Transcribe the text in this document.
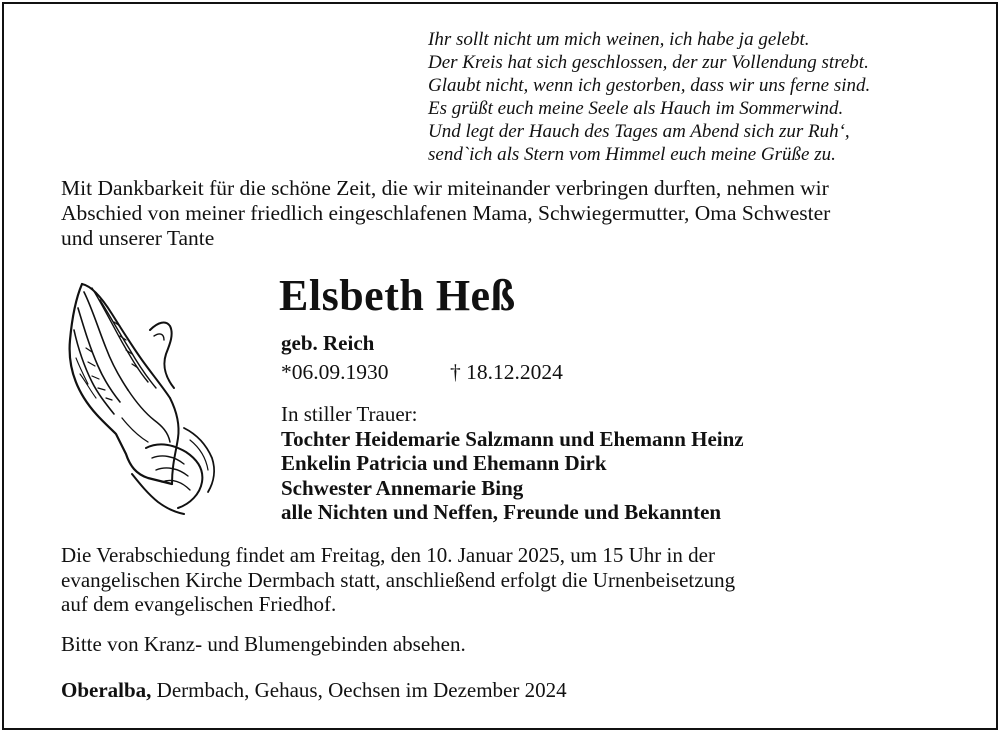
Ihr sollt nicht um mich weinen, ich habe ja gelebt.
Der Kreis hat sich geschlossen, der zur Vollendung strebt.
Glaubt nicht, wenn ich gestorben, dass wir uns ferne sind.
Es grüßt euch meine Seele als Hauch im Sommerwind.
Und legt der Hauch des Tages am Abend sich zur Ruh‘,
send`ich als Stern vom Himmel euch meine Grüße zu.
Mit Dankbarkeit für die schöne Zeit, die wir miteinander verbringen durften, nehmen wir
Abschied von meiner friedlich eingeschlafenen Mama, Schwiegermutter, Oma Schwester
und unserer Tante
Elsbeth Heß
geb. Reich
*06.09.1930	† 18.12.2024
In stiller Trauer:
Tochter Heidemarie Salzmann und Ehemann Heinz
Enkelin Patricia und Ehemann Dirk
Schwester Annemarie Bing
alle Nichten und Neffen, Freunde und Bekannten
Die Verabschiedung findet am Freitag, den 10. Januar 2025, um 15 Uhr in der
evangelischen Kirche Dermbach statt, anschließend erfolgt die Urnenbeisetzung
auf dem evangelischen Friedhof.
Bitte von Kranz- und Blumengebinden absehen.
Oberalba, Dermbach, Gehaus, Oechsen im Dezember 2024
